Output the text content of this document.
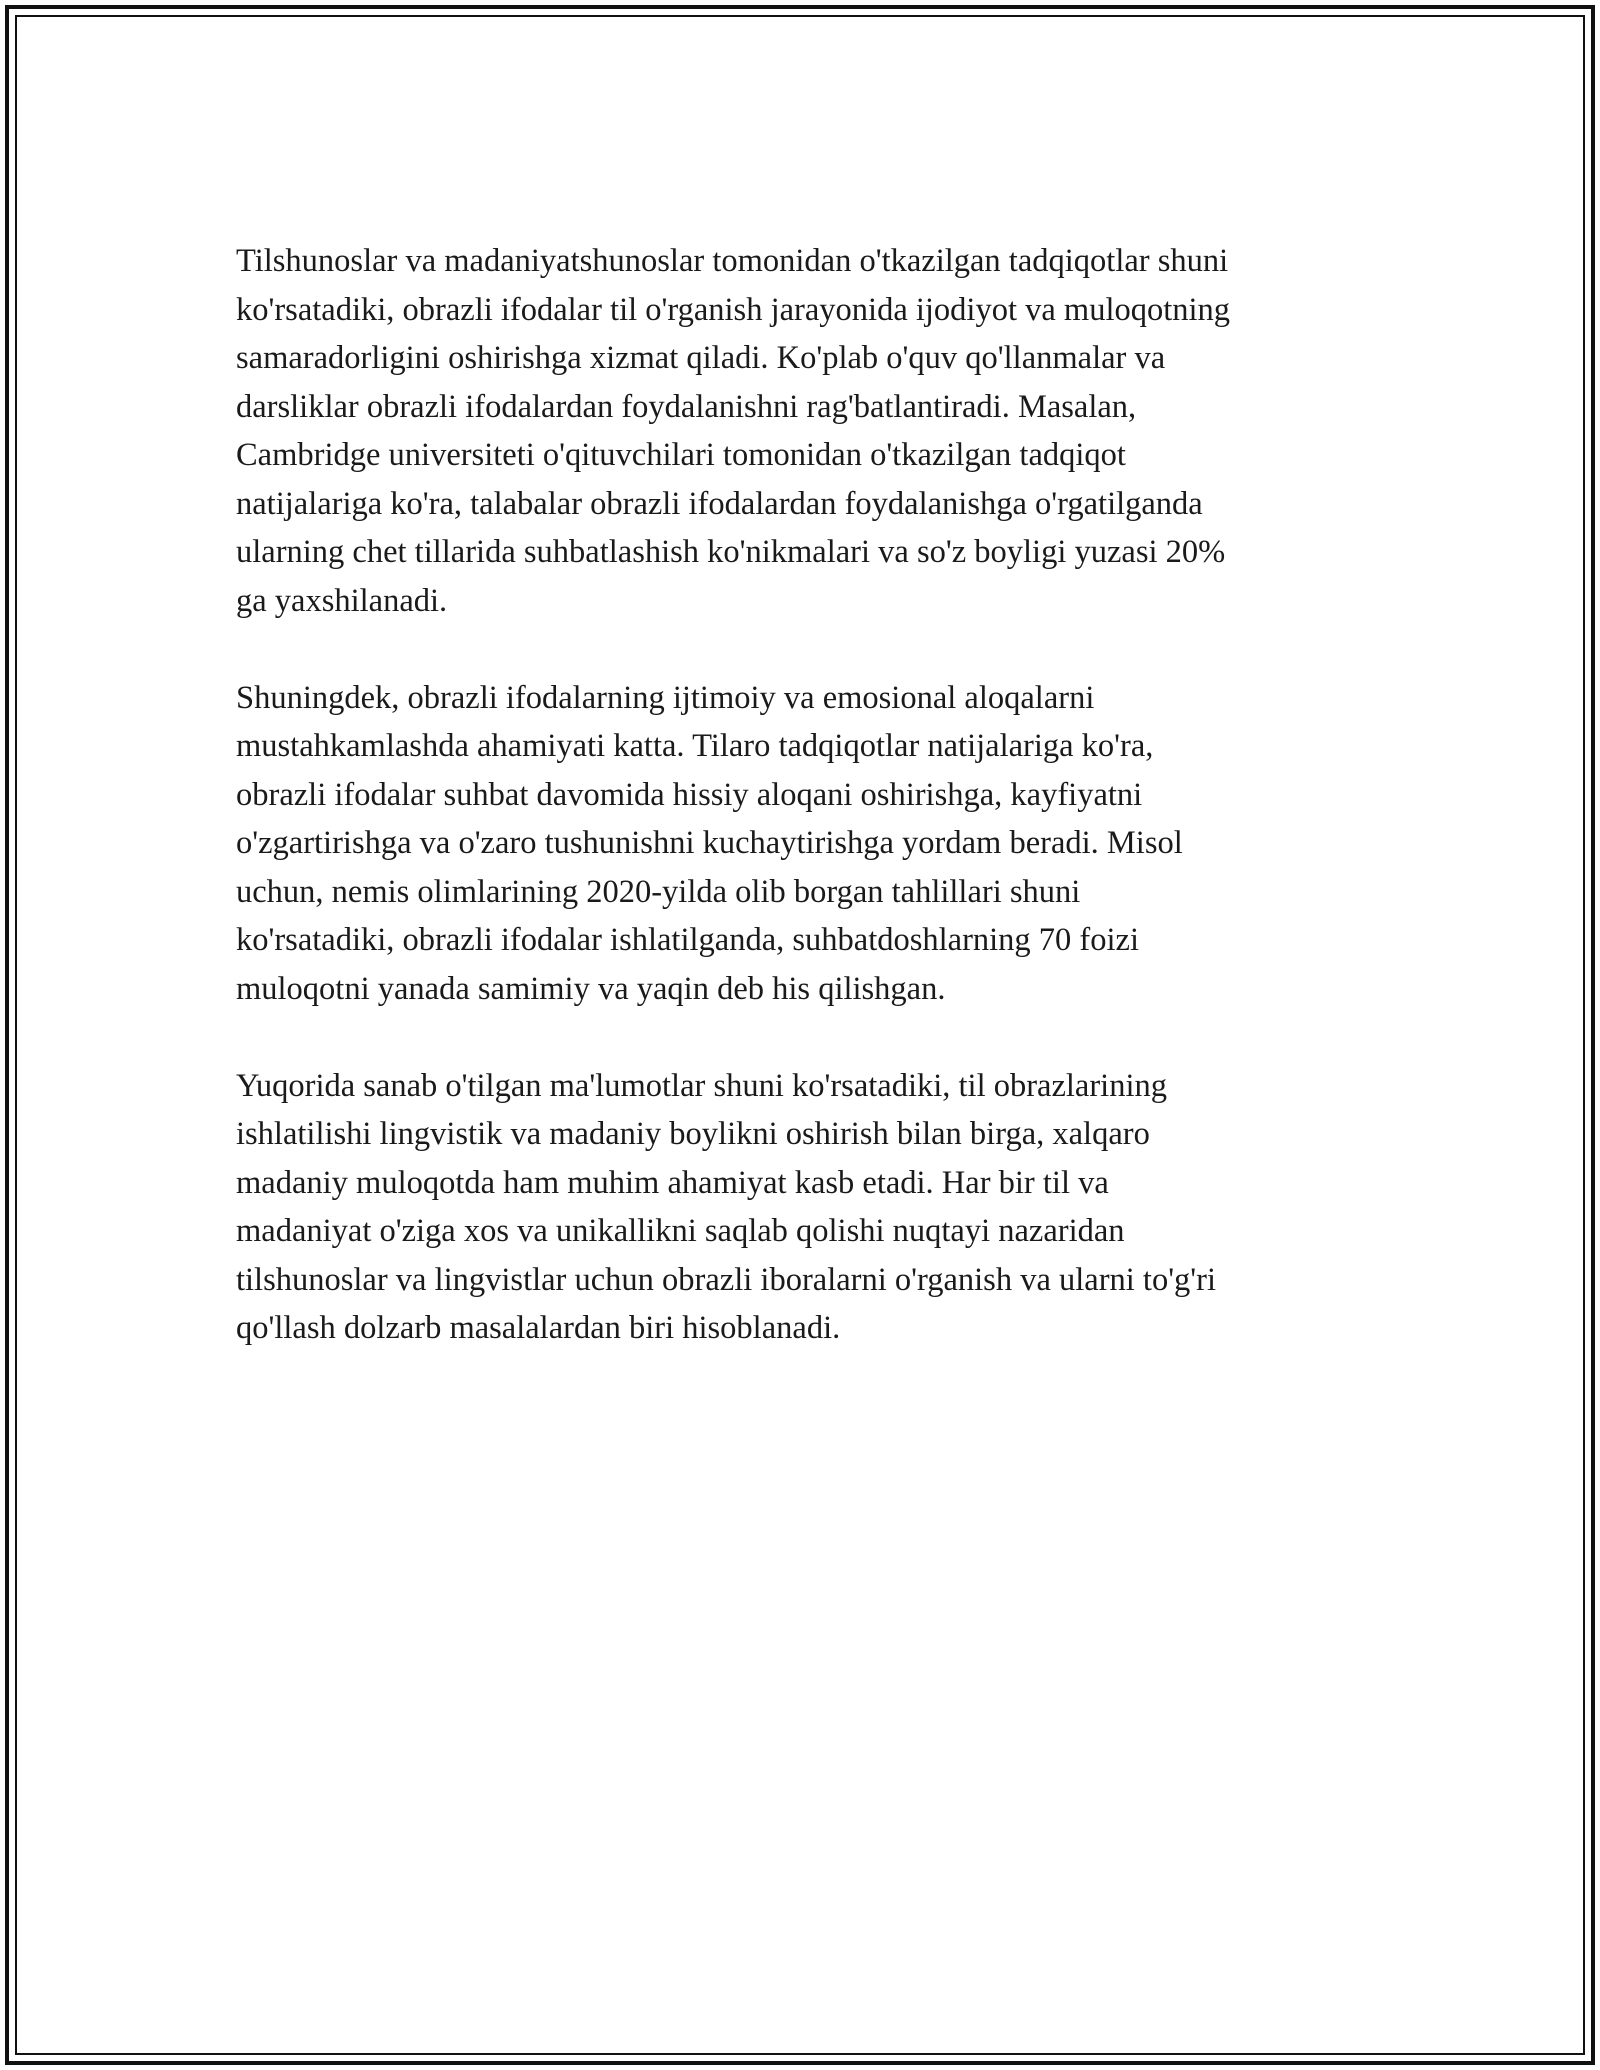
Tilshunoslar va madaniyatshunoslar tomonidan o'tkazilgan tadqiqotlar shuni
ko'rsatadiki, obrazli ifodalar til o'rganish jarayonida ijodiyot va muloqotning
samaradorligini oshirishga xizmat qiladi. Ko'plab o'quv qo'llanmalar va
darsliklar obrazli ifodalardan foydalanishni rag'batlantiradi. Masalan,
Cambridge universiteti o'qituvchilari tomonidan o'tkazilgan tadqiqot
natijalariga ko'ra, talabalar obrazli ifodalardan foydalanishga o'rgatilganda
ularning chet tillarida suhbatlashish ko'nikmalari va so'z boyligi yuzasi 20%
ga yaxshilanadi.

Shuningdek, obrazli ifodalarning ijtimoiy va emosional aloqalarni
mustahkamlashda ahamiyati katta. Tilaro tadqiqotlar natijalariga ko'ra,
obrazli ifodalar suhbat davomida hissiy aloqani oshirishga, kayfiyatni
o'zgartirishga va o'zaro tushunishni kuchaytirishga yordam beradi. Misol
uchun, nemis olimlarining 2020-yilda olib borgan tahlillari shuni
ko'rsatadiki, obrazli ifodalar ishlatilganda, suhbatdoshlarning 70 foizi
muloqotni yanada samimiy va yaqin deb his qilishgan.

Yuqorida sanab o'tilgan ma'lumotlar shuni ko'rsatadiki, til obrazlarining
ishlatilishi lingvistik va madaniy boylikni oshirish bilan birga, xalqaro
madaniy muloqotda ham muhim ahamiyat kasb etadi. Har bir til va
madaniyat o'ziga xos va unikallikni saqlab qolishi nuqtayi nazaridan
tilshunoslar va lingvistlar uchun obrazli iboralarni o'rganish va ularni to'g'ri
qo'llash dolzarb masalalardan biri hisoblanadi.
